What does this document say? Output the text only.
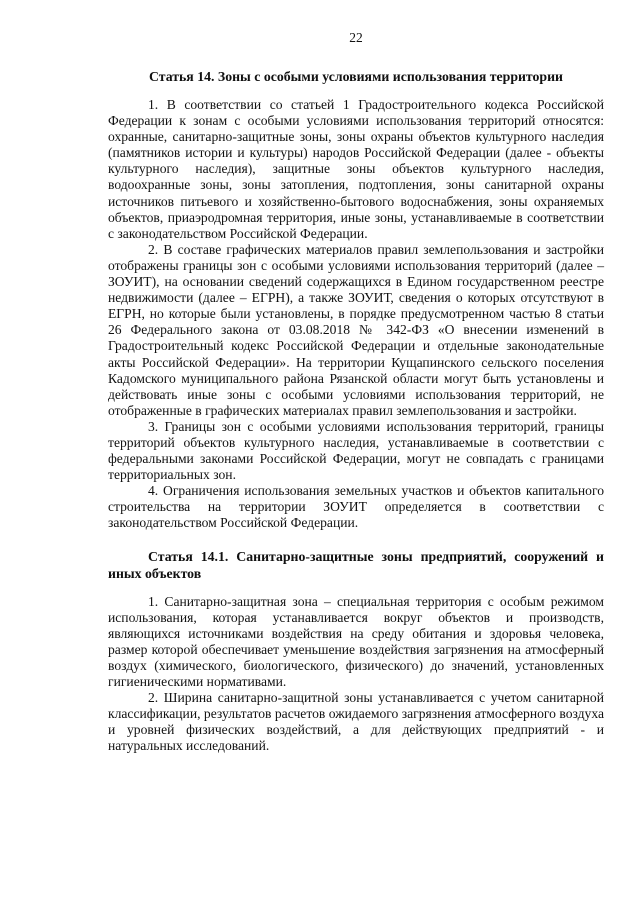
22
Статья 14. Зоны с особыми условиями использования территории

1. В соответствии со статьей 1 Градостроительного кодекса Российской Федерации к зонам с особыми условиями использования территорий относятся: охранные, санитарно-защитные зоны, зоны охраны объектов культурного наследия (памятников истории и культуры) народов Российской Федерации (далее - объекты культурного наследия), защитные зоны объектов культурного наследия, водоохранные зоны, зоны затопления, подтопления, зоны санитарной охраны источников питьевого и хозяйственно-бытового водоснабжения, зоны охраняемых объектов, приаэродромная территория, иные зоны, устанавливаемые в соответствии с законодательством Российской Федерации.

2. В составе графических материалов правил землепользования и застройки отображены границы зон с особыми условиями использования территорий (далее – ЗОУИТ), на основании сведений содержащихся в Едином государственном реестре недвижимости (далее – ЕГРН), а также ЗОУИТ, сведения о которых отсутствуют в ЕГРН, но которые были установлены, в порядке предусмотренном частью 8 статьи 26 Федерального закона от 03.08.2018 № 342-ФЗ «О внесении изменений в Градостроительный кодекс Российской Федерации и отдельные законодательные акты Российской Федерации». На территории Кущапинского сельского поселения Кадомского муниципального района Рязанской области могут быть установлены и действовать иные зоны с особыми условиями использования территорий, не отображенные в графических материалах правил землепользования и застройки.

3. Границы зон с особыми условиями использования территорий, границы территорий объектов культурного наследия, устанавливаемые в соответствии с федеральными законами Российской Федерации, могут не совпадать с границами территориальных зон.

4. Ограничения использования земельных участков и объектов капитального строительства на территории ЗОУИТ определяется в соответствии с законодательством Российской Федерации.

Статья 14.1. Санитарно-защитные зоны предприятий, сооружений и иных объектов

1. Санитарно-защитная зона – специальная территория с особым режимом использования, которая устанавливается вокруг объектов и производств, являющихся источниками воздействия на среду обитания и здоровья человека, размер которой обеспечивает уменьшение воздействия загрязнения на атмосферный воздух (химического, биологического, физического) до значений, установленных гигиеническими нормативами.

2. Ширина санитарно-защитной зоны устанавливается с учетом санитарной классификации, результатов расчетов ожидаемого загрязнения атмосферного воздуха и уровней физических воздействий, а для действующих предприятий - и натуральных исследований.
